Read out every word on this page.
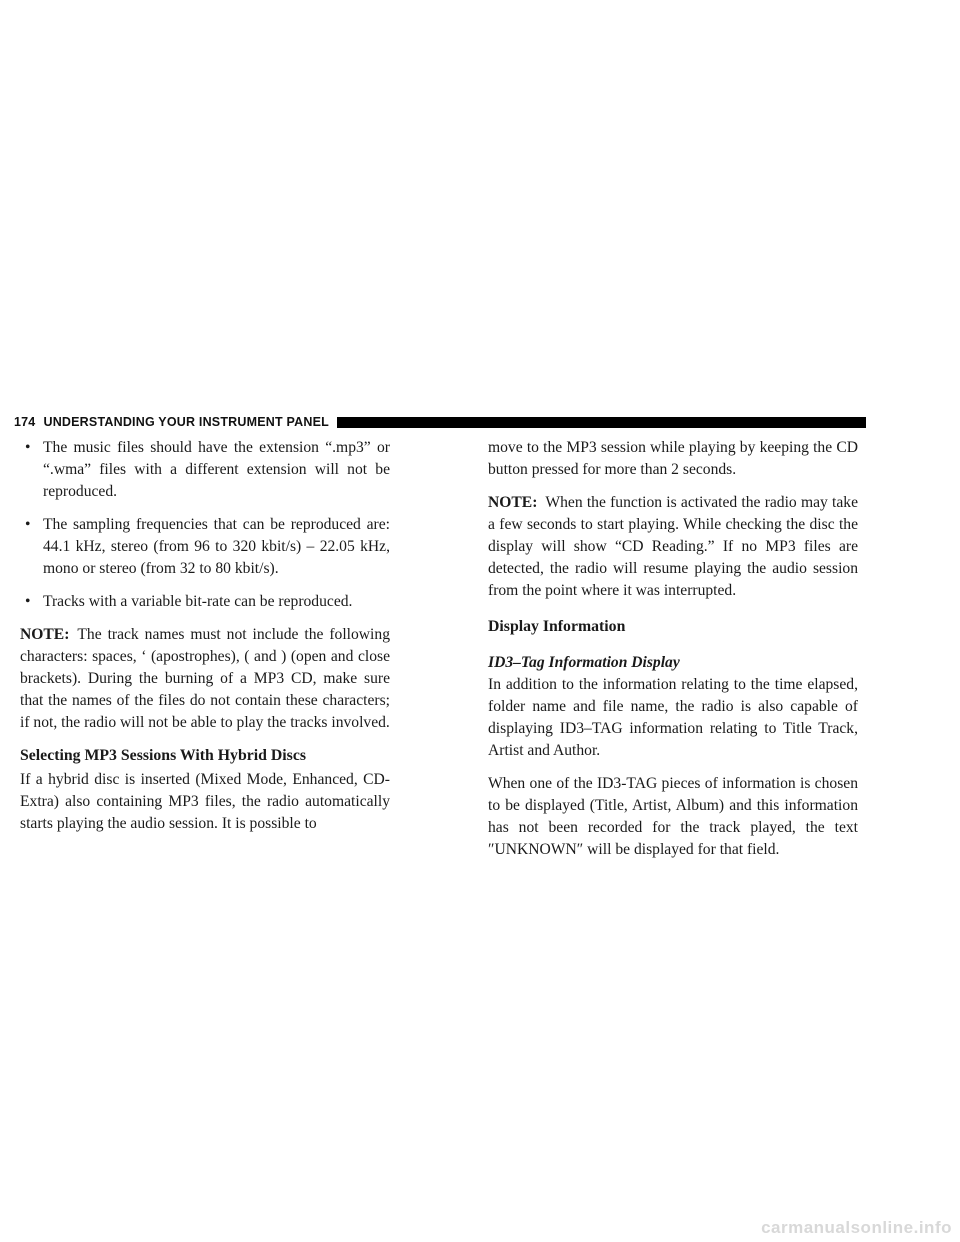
174 UNDERSTANDING YOUR INSTRUMENT PANEL
• The music files should have the extension “.mp3” or “.wma” files with a different extension will not be reproduced.
• The sampling frequencies that can be reproduced are: 44.1 kHz, stereo (from 96 to 320 kbit/s) – 22.05 kHz, mono or stereo (from 32 to 80 kbit/s).
• Tracks with a variable bit-rate can be reproduced.

NOTE: The track names must not include the following characters: spaces, ‘ (apostrophes), ( and ) (open and close brackets). During the burning of a MP3 CD, make sure that the names of the files do not contain these characters; if not, the radio will not be able to play the tracks involved.

Selecting MP3 Sessions With Hybrid Discs

If a hybrid disc is inserted (Mixed Mode, Enhanced, CD-Extra) also containing MP3 files, the radio automatically starts playing the audio session. It is possible to

move to the MP3 session while playing by keeping the CD button pressed for more than 2 seconds.

NOTE: When the function is activated the radio may take a few seconds to start playing. While checking the disc the display will show “CD Reading.” If no MP3 files are detected, the radio will resume playing the audio session from the point where it was interrupted.

Display Information
ID3–Tag Information Display

In addition to the information relating to the time elapsed, folder name and file name, the radio is also capable of displaying ID3–TAG information relating to Title Track, Artist and Author.

When one of the ID3-TAG pieces of information is chosen to be displayed (Title, Artist, Album) and this information has not been recorded for the track played, the text ″UNKNOWN″ will be displayed for that field.

carmanualsonline.info
